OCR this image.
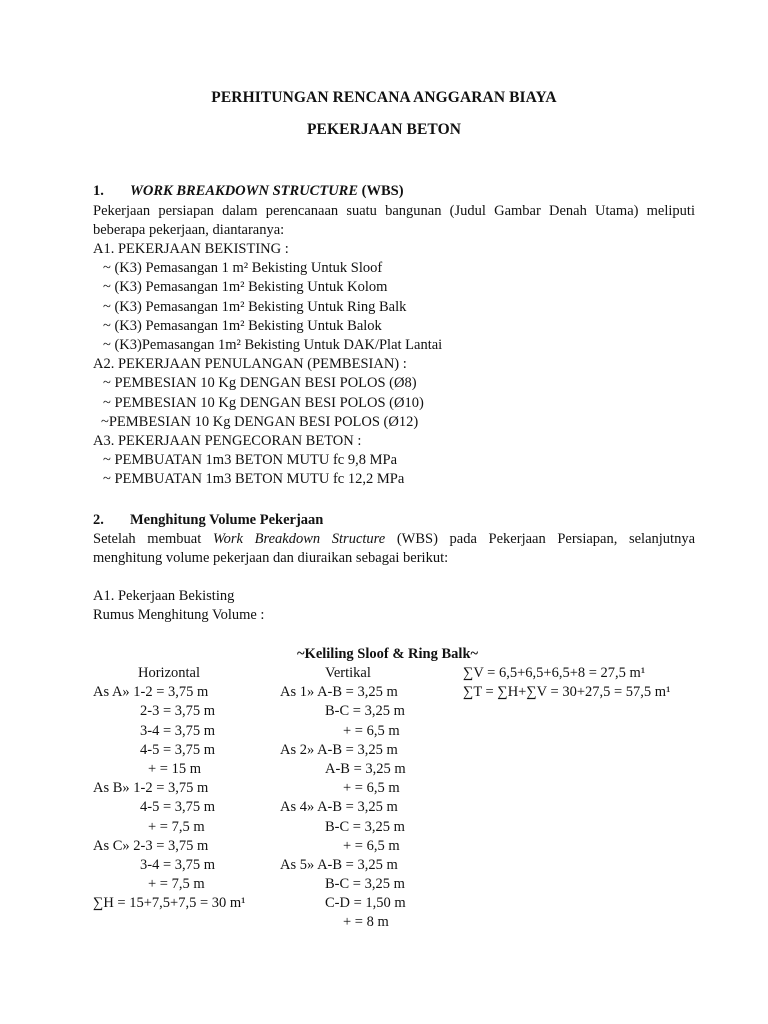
PERHITUNGAN RENCANA ANGGARAN BIAYA
PEKERJAAN BETON
1. WORK BREAKDOWN STRUCTURE (WBS)
Pekerjaan persiapan dalam perencanaan suatu bangunan (Judul Gambar Denah Utama) meliputi
beberapa pekerjaan, diantaranya:
A1. PEKERJAAN BEKISTING :
~ (K3) Pemasangan 1 m² Bekisting Untuk Sloof
~ (K3) Pemasangan 1m² Bekisting Untuk Kolom
~ (K3) Pemasangan 1m² Bekisting Untuk Ring Balk
~ (K3) Pemasangan 1m² Bekisting Untuk Balok
~ (K3)Pemasangan 1m² Bekisting Untuk DAK/Plat Lantai
A2. PEKERJAAN PENULANGAN (PEMBESIAN) :
~ PEMBESIAN 10 Kg DENGAN BESI POLOS (Ø8)
~ PEMBESIAN 10 Kg DENGAN BESI POLOS (Ø10)
~PEMBESIAN 10 Kg DENGAN BESI POLOS (Ø12)
A3. PEKERJAAN PENGECORAN BETON :
~ PEMBUATAN 1m3 BETON MUTU fc 9,8 MPa
~ PEMBUATAN 1m3 BETON MUTU fc 12,2 MPa
2. Menghitung Volume Pekerjaan
Setelah membuat Work Breakdown Structure (WBS) pada Pekerjaan Persiapan, selanjutnya
menghitung volume pekerjaan dan diuraikan sebagai berikut:
A1. Pekerjaan Bekisting
Rumus Menghitung Volume :
~Keliling Sloof & Ring Balk~
Horizontal
As A» 1-2 = 3,75 m
2-3 = 3,75 m
3-4 = 3,75 m
4-5 = 3,75 m
+ = 15 m
As B» 1-2 = 3,75 m
4-5 = 3,75 m
+ = 7,5 m
As C» 2-3 = 3,75 m
3-4 = 3,75 m
+ = 7,5 m
∑H = 15+7,5+7,5 = 30 m¹
Vertikal
As 1» A-B = 3,25 m
B-C = 3,25 m
+ = 6,5 m
As 2» A-B = 3,25 m
A-B = 3,25 m
+ = 6,5 m
As 4» A-B = 3,25 m
B-C = 3,25 m
+ = 6,5 m
As 5» A-B = 3,25 m
B-C = 3,25 m
C-D = 1,50 m
+ = 8 m
∑V = 6,5+6,5+6,5+8 = 27,5 m¹
∑T = ∑H+∑V = 30+27,5 = 57,5 m¹
